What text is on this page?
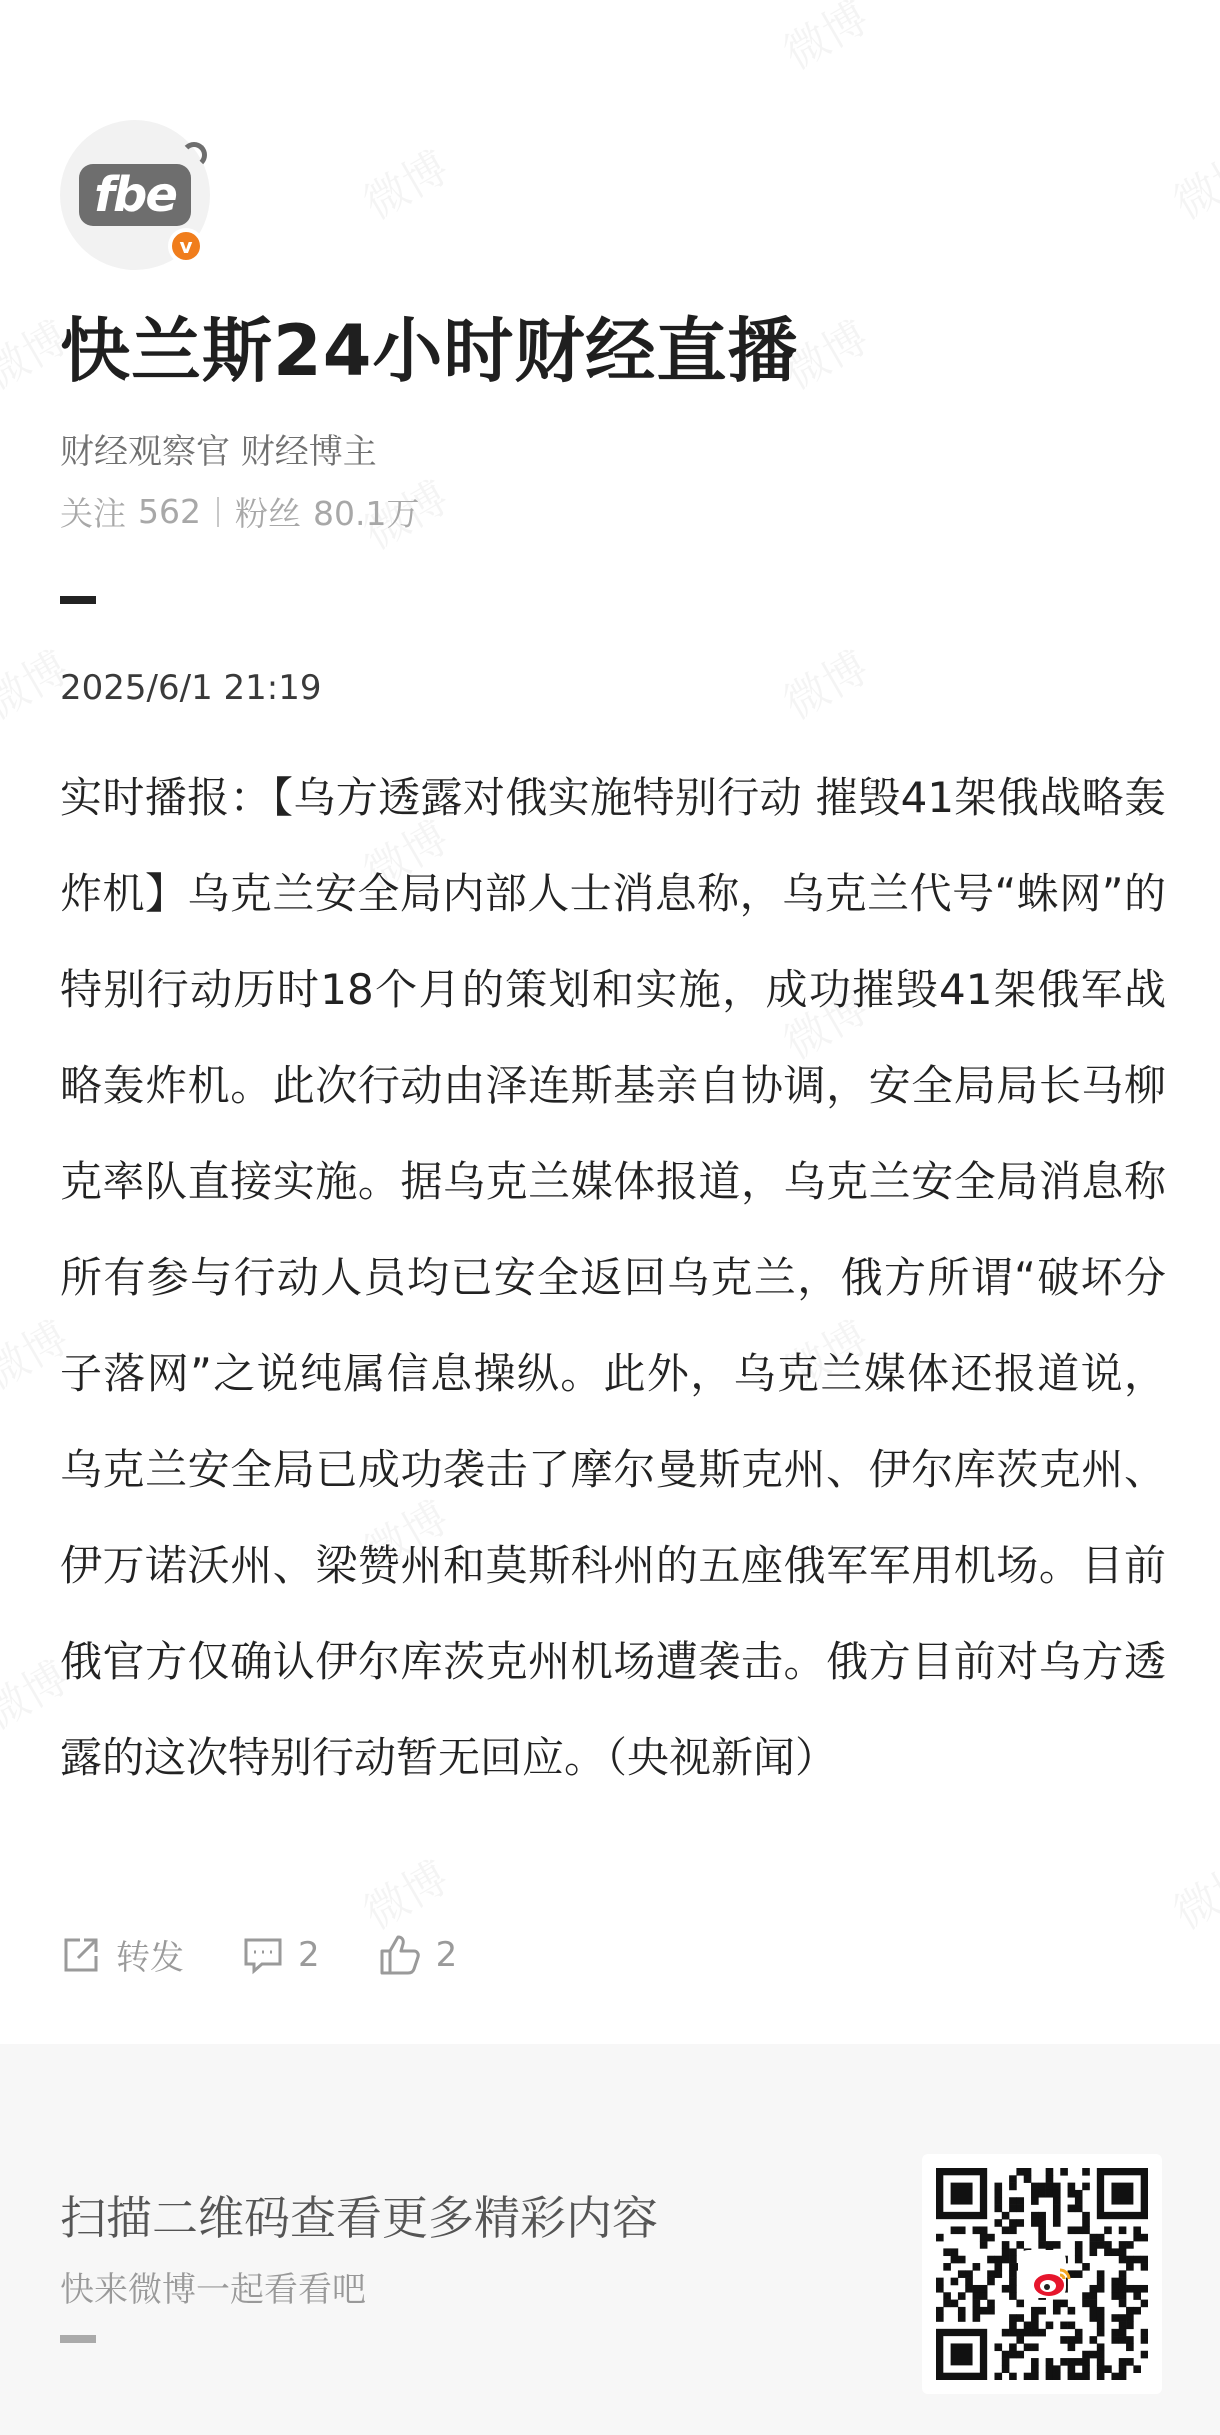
fbe
v
快兰斯24小时财经直播
财经观察官 财经博主
关注 562 粉丝 80.1万
2025/6/1 21:19
实时播报：【乌方透露对俄实施特别行动 摧毁41架俄战略轰炸机】乌克兰安全局内部人士消息称，乌克兰代号“蛛网”的特别行动历时18个月的策划和实施，成功摧毁41架俄军战略轰炸机。此次行动由泽连斯基亲自协调，安全局局长马柳克率队直接实施。据乌克兰媒体报道，乌克兰安全局消息称所有参与行动人员均已安全返回乌克兰，俄方所谓“破坏分子落网”之说纯属信息操纵。此外，乌克兰媒体还报道说，乌克兰安全局已成功袭击了摩尔曼斯克州、伊尔库茨克州、伊万诺沃州、梁赞州和莫斯科州的五座俄军军用机场。目前俄官方仅确认伊尔库茨克州机场遭袭击。俄方目前对乌方透露的这次特别行动暂无回应。（央视新闻）
转发	2	2
扫描二维码查看更多精彩内容
快来微博一起看看吧
